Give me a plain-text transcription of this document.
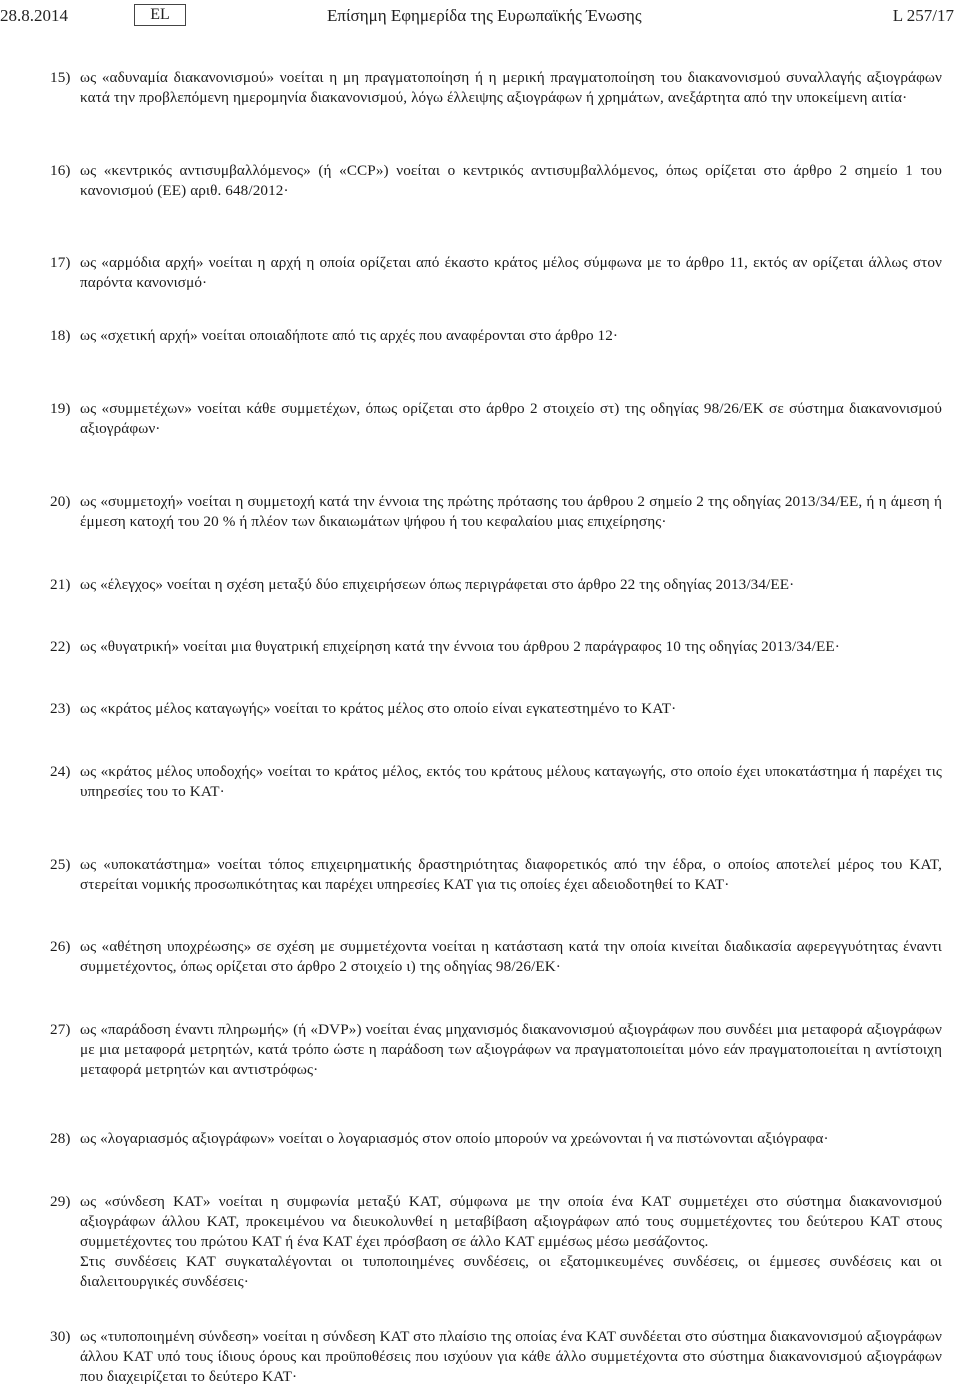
28.8.2014	EL	Επίσημη Εφημερίδα της Ευρωπαϊκής Ένωσης	L 257/17
15) ως «αδυναμία διακανονισμού» νοείται η μη πραγματοποίηση ή η μερική πραγματοποίηση του διακανονισμού συναλλαγής αξιογράφων κατά την προβλεπόμενη ημερομηνία διακανονισμού, λόγω έλλειψης αξιογράφων ή χρημάτων, ανεξάρτητα από την υποκείμενη αιτία·

16) ως «κεντρικός αντισυμβαλλόμενος» (ή «CCP») νοείται ο κεντρικός αντισυμβαλλόμενος, όπως ορίζεται στο άρθρο 2 σημείο 1 του κανονισμού (ΕΕ) αριθ. 648/2012·

17) ως «αρμόδια αρχή» νοείται η αρχή η οποία ορίζεται από έκαστο κράτος μέλος σύμφωνα με το άρθρο 11, εκτός αν ορίζεται άλλως στον παρόντα κανονισμό·

18) ως «σχετική αρχή» νοείται οποιαδήποτε από τις αρχές που αναφέρονται στο άρθρο 12·

19) ως «συμμετέχων» νοείται κάθε συμμετέχων, όπως ορίζεται στο άρθρο 2 στοιχείο στ) της οδηγίας 98/26/ΕΚ σε σύστημα διακανονισμού αξιογράφων·

20) ως «συμμετοχή» νοείται η συμμετοχή κατά την έννοια της πρώτης πρότασης του άρθρου 2 σημείο 2 της οδηγίας 2013/34/ΕΕ, ή η άμεση ή έμμεση κατοχή του 20 % ή πλέον των δικαιωμάτων ψήφου ή του κεφαλαίου μιας επιχείρησης·

21) ως «έλεγχος» νοείται η σχέση μεταξύ δύο επιχειρήσεων όπως περιγράφεται στο άρθρο 22 της οδηγίας 2013/34/ΕΕ·

22) ως «θυγατρική» νοείται μια θυγατρική επιχείρηση κατά την έννοια του άρθρου 2 παράγραφος 10 της οδηγίας 2013/34/ΕΕ·

23) ως «κράτος μέλος καταγωγής» νοείται το κράτος μέλος στο οποίο είναι εγκατεστημένο το ΚΑΤ·

24) ως «κράτος μέλος υποδοχής» νοείται το κράτος μέλος, εκτός του κράτους μέλους καταγωγής, στο οποίο έχει υποκατάστημα ή παρέχει τις υπηρεσίες του το ΚΑΤ·

25) ως «υποκατάστημα» νοείται τόπος επιχειρηματικής δραστηριότητας διαφορετικός από την έδρα, ο οποίος αποτελεί μέρος του ΚΑΤ, στερείται νομικής προσωπικότητας και παρέχει υπηρεσίες ΚΑΤ για τις οποίες έχει αδειοδοτηθεί το ΚΑΤ·

26) ως «αθέτηση υποχρέωσης» σε σχέση με συμμετέχοντα νοείται η κατάσταση κατά την οποία κινείται διαδικασία αφερεγγυότητας έναντι συμμετέχοντος, όπως ορίζεται στο άρθρο 2 στοιχείο ι) της οδηγίας 98/26/ΕΚ·

27) ως «παράδοση έναντι πληρωμής» (ή «DVP») νοείται ένας μηχανισμός διακανονισμού αξιογράφων που συνδέει μια μεταφορά αξιογράφων με μια μεταφορά μετρητών, κατά τρόπο ώστε η παράδοση των αξιογράφων να πραγματοποιείται μόνο εάν πραγματοποιείται η αντίστοιχη μεταφορά μετρητών και αντιστρόφως·

28) ως «λογαριασμός αξιογράφων» νοείται ο λογαριασμός στον οποίο μπορούν να χρεώνονται ή να πιστώνονται αξιόγραφα·

29) ως «σύνδεση ΚΑΤ» νοείται η συμφωνία μεταξύ ΚΑΤ, σύμφωνα με την οποία ένα ΚΑΤ συμμετέχει στο σύστημα διακανονισμού αξιογράφων άλλου ΚΑΤ, προκειμένου να διευκολυνθεί η μεταβίβαση αξιογράφων από τους συμμετέχοντες του δεύτερου ΚΑΤ στους συμμετέχοντες του πρώτου ΚΑΤ ή ένα ΚΑΤ έχει πρόσβαση σε άλλο ΚΑΤ εμμέσως μέσω μεσάζοντος.

Στις συνδέσεις ΚΑΤ συγκαταλέγονται οι τυποποιημένες συνδέσεις, οι εξατομικευμένες συνδέσεις, οι έμμεσες συνδέσεις και οι διαλειτουργικές συνδέσεις·

30) ως «τυποποιημένη σύνδεση» νοείται η σύνδεση ΚΑΤ στο πλαίσιο της οποίας ένα ΚΑΤ συνδέεται στο σύστημα διακανονισμού αξιογράφων άλλου ΚΑΤ υπό τους ίδιους όρους και προϋποθέσεις που ισχύουν για κάθε άλλο συμμετέχοντα στο σύστημα διακανονισμού αξιογράφων που διαχειρίζεται το δεύτερο ΚΑΤ·
